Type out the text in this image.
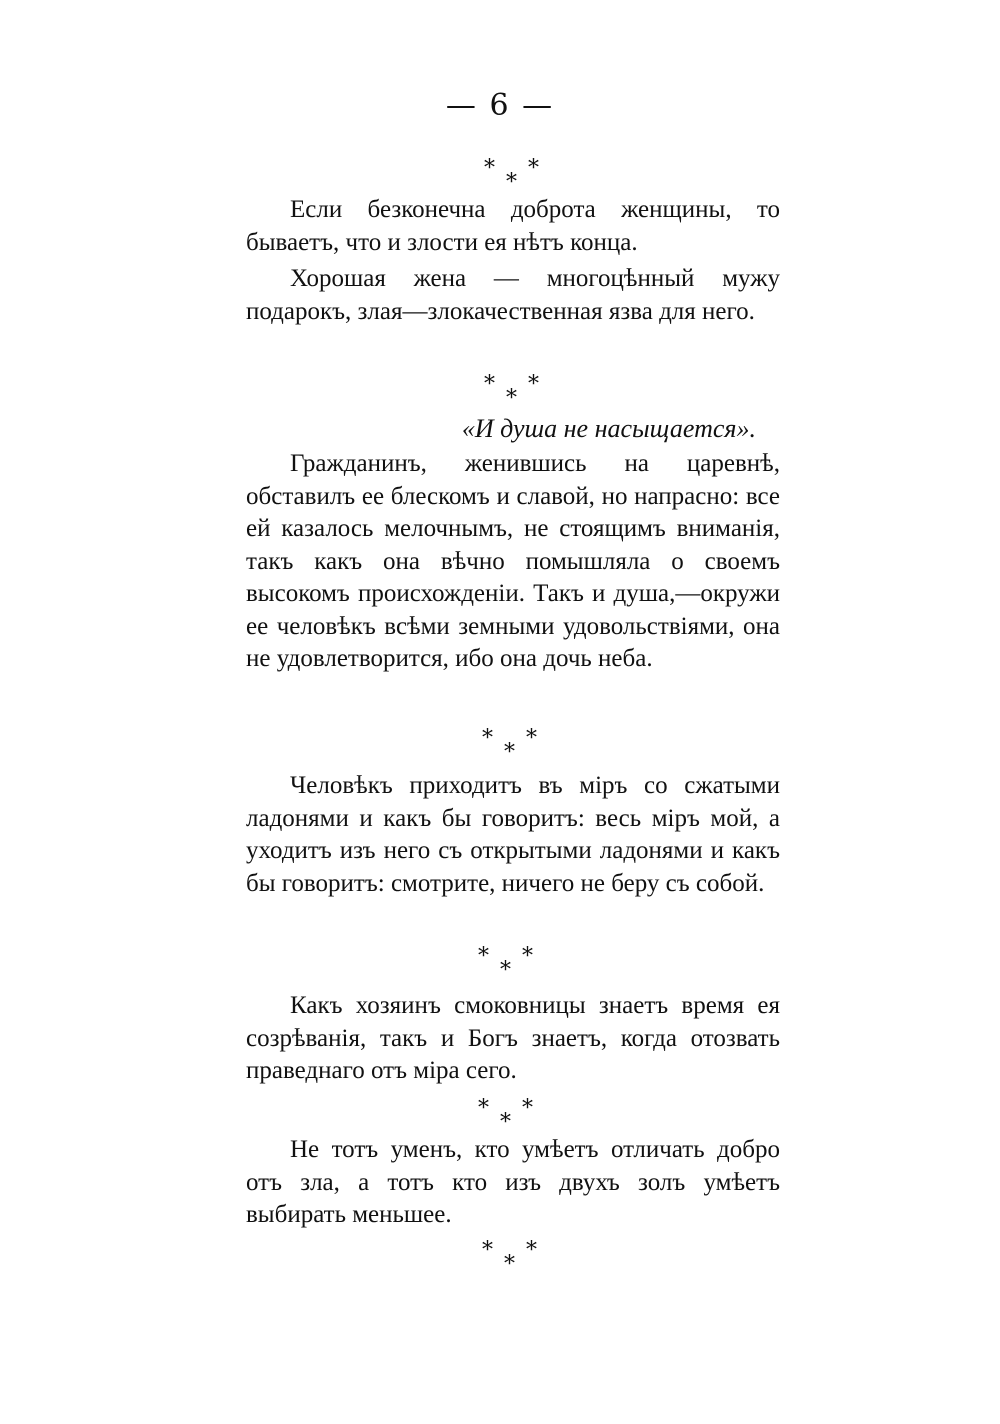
— 6 —
*
*
*

Если безконечна доброта женщины, то бываетъ, что и злости ея нѣтъ конца.

Хорошая жена — многоцѣнный мужу подарокъ, злая—злокачественная язва для него.

*
*
*
«И душа не насыщается».

Гражданинъ, женившись на царевнѣ, обставилъ ее блескомъ и славой, но напрасно: все ей казалось мелочнымъ, не стоящимъ вниманія, такъ какъ она вѣчно помышляла о своемъ высокомъ происхожденіи. Такъ и душа,—окружи ее человѣкъ всѣми земными удовольствіями, она не удовлетворится, ибо она дочь неба.

*
*
*

Человѣкъ приходитъ въ міръ со сжатыми ладонями и какъ бы говоритъ: весь міръ мой, а уходитъ изъ него съ открытыми ладонями и какъ бы говоритъ: смотрите, ничего не беру съ собой.

*
*
*

Какъ хозяинъ смоковницы знаетъ время ея созрѣванія, такъ и Богъ знаетъ, когда отозвать праведнаго отъ міра сего.

*
*
*

Не тотъ уменъ, кто умѣетъ отличать добро отъ зла, а тотъ кто изъ двухъ золъ умѣетъ выбирать меньшее.

*
*
*
